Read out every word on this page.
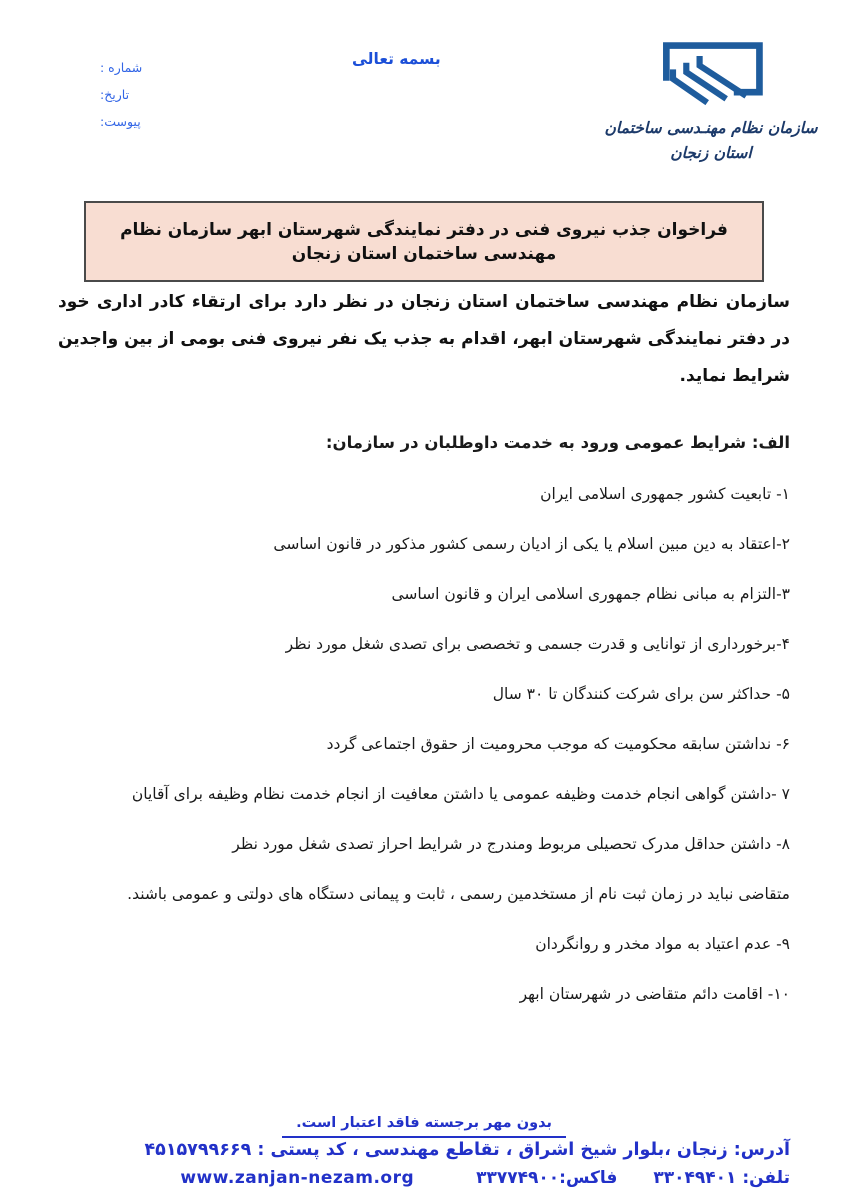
شماره :
تاریخ:
پیوست:
بسمه تعالی
سازمان نظام مهنـدسی ساختمان
استان زنجان
فراخوان جذب نیروی فنی در دفتر نمایندگی شهرستان ابهر سازمان نظام مهندسی ساختمان استان زنجان
سازمان نظام مهندسی ساختمان استان زنجان در نظر دارد برای ارتقاء کادر اداری خود در دفتر نمایندگی شهرستان ابهر، اقدام به جذب یک نفر نیروی فنی بومی از بین واجدین شرایط نماید.
الف: شرایط عمومی ورود به خدمت داوطلبان در سازمان:
۱- تابعیت کشور جمهوری اسلامی ایران
۲-اعتقاد به دین مبین اسلام یا یکی از ادیان رسمی کشور مذکور در قانون اساسی
۳-التزام به مبانی نظام جمهوری اسلامی ایران و قانون اساسی
۴-برخورداری از توانایی و قدرت جسمی و تخصصی برای تصدی شغل مورد نظر
۵- حداکثر سن برای شرکت کنندگان تا ۳۰ سال
۶- نداشتن سابقه محکومیت که موجب محرومیت از حقوق اجتماعی گردد
۷ -داشتن گواهی انجام خدمت وظیفه عمومی یا داشتن معافیت از انجام خدمت نظام وظیفه برای آقایان
۸- داشتن حداقل مدرک تحصیلی مربوط ومندرج در شرایط احراز تصدی شغل مورد نظر
متقاضی نباید در زمان ثبت نام از مستخدمین رسمی ، ثابت و پیمانی دستگاه های دولتی و عمومی باشند.
۹- عدم اعتیاد به مواد مخدر و روانگردان
۱۰- اقامت دائم متقاضی در شهرستان ابهر
بدون مهر برجسته فاقد اعتبار است.
آدرس: زنجان ،بلوار شیخ اشراق ، تقاطع مهندسی ، کد پستی : ۴۵۱۵۷۹۹۶۶۹
تلفن: ۳۳۰۴۹۴۰۱
فاکس:۳۳۷۷۴۹۰۰
www.zanjan-nezam.org
